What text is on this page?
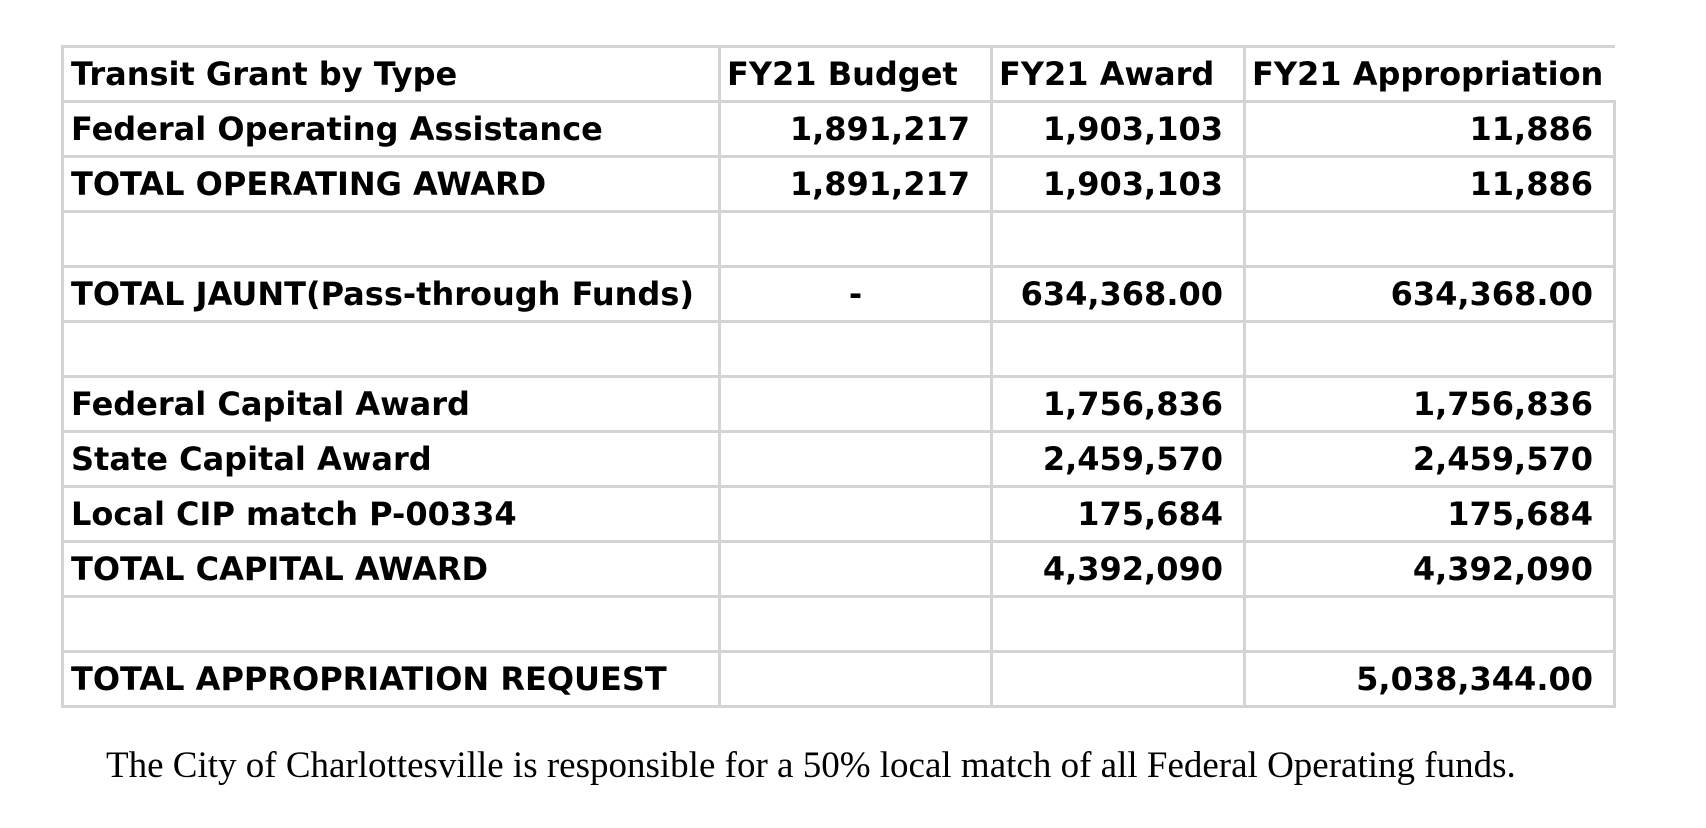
Transit Grant by Type	FY21 Budget	FY21 Award	FY21 Appropriation
Federal Operating Assistance	1,891,217	1,903,103	11,886
TOTAL OPERATING AWARD	1,891,217	1,903,103	11,886

TOTAL JAUNT(Pass-through Funds)	-	634,368.00	634,368.00

Federal Capital Award		1,756,836	1,756,836
State Capital Award		2,459,570	2,459,570
Local CIP match P-00334		175,684	175,684
TOTAL CAPITAL AWARD		4,392,090	4,392,090

TOTAL APPROPRIATION REQUEST			5,038,344.00
The City of Charlottesville is responsible for a 50% local match of all Federal Operating funds.
